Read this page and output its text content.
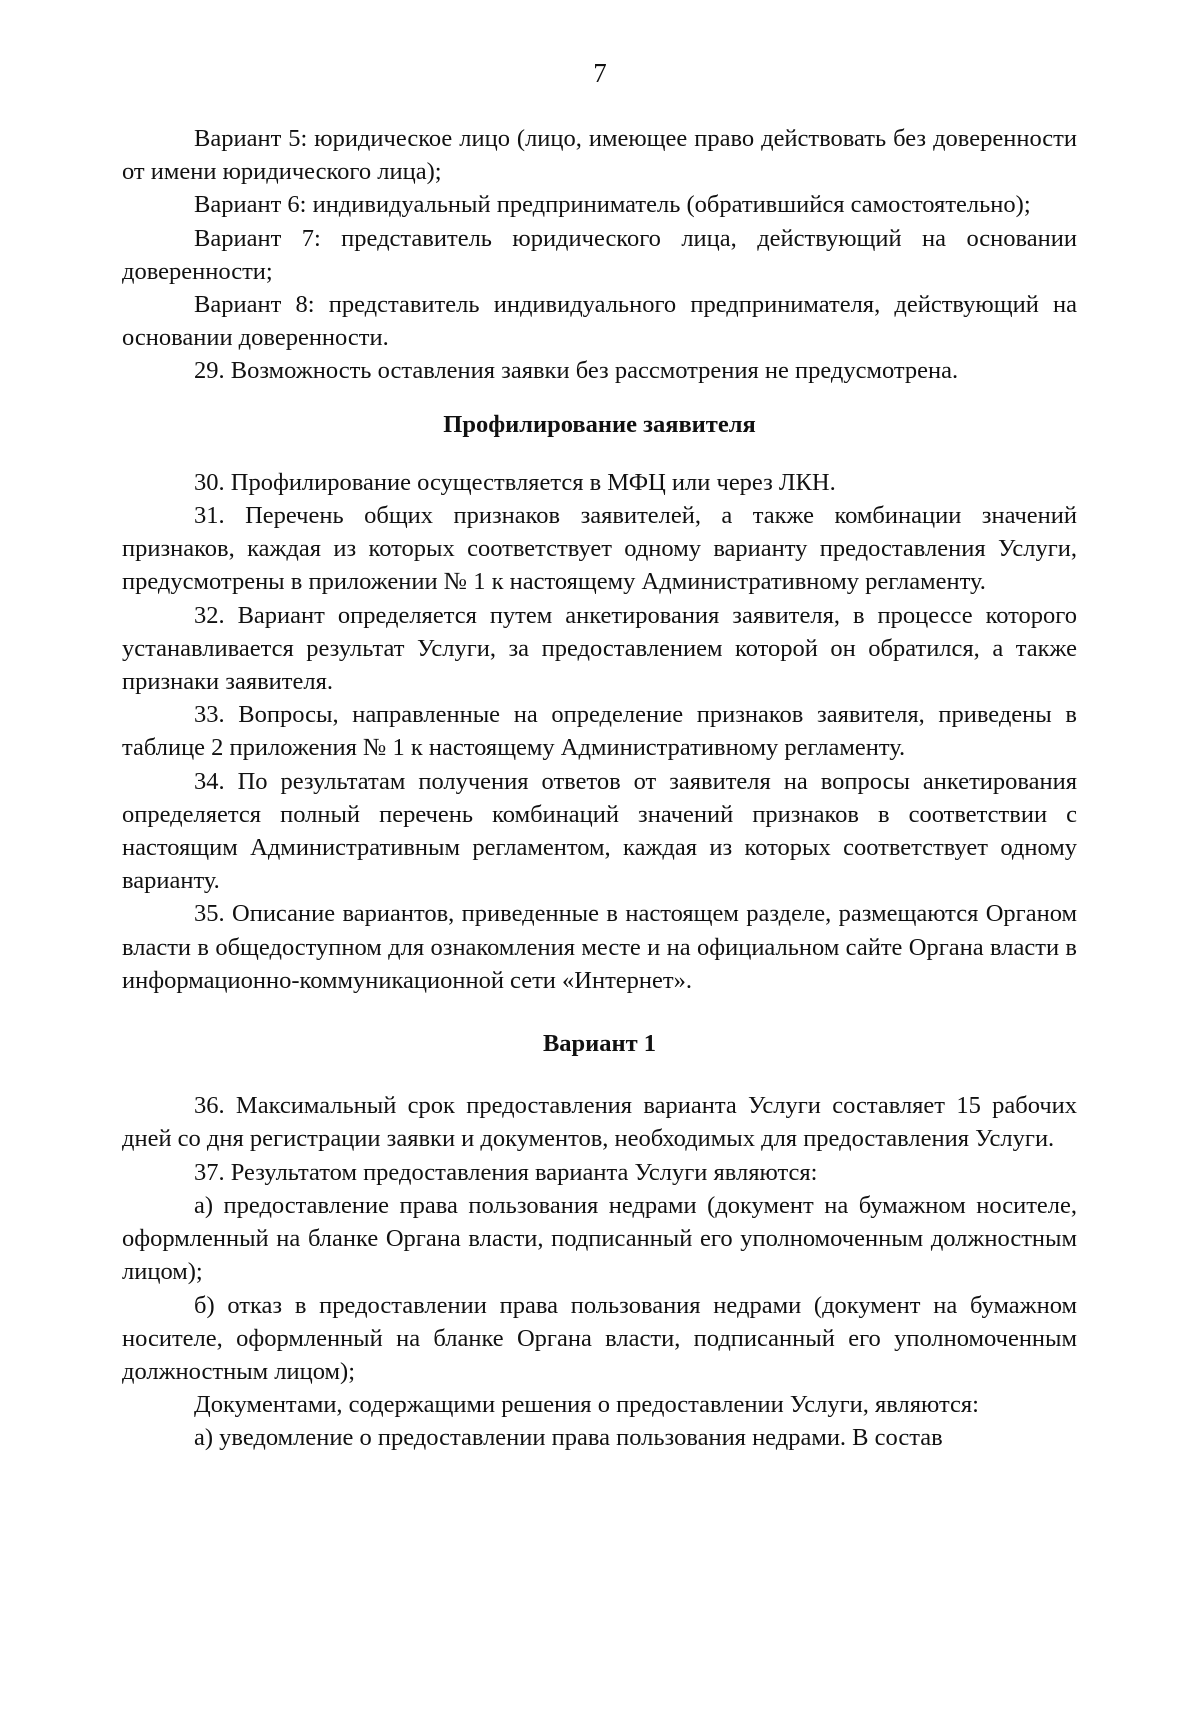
7

Вариант 5: юридическое лицо (лицо, имеющее право действовать без доверенности от имени юридического лица);

Вариант 6: индивидуальный предприниматель (обратившийся самостоятельно);

Вариант 7: представитель юридического лица, действующий на основании доверенности;

Вариант 8: представитель индивидуального предпринимателя, действующий на основании доверенности.

29. Возможность оставления заявки без рассмотрения не предусмотрена.

Профилирование заявителя

30. Профилирование осуществляется в МФЦ или через ЛКН.

31. Перечень общих признаков заявителей, а также комбинации значений признаков, каждая из которых соответствует одному варианту предоставления Услуги, предусмотрены в приложении № 1 к настоящему Административному регламенту.

32. Вариант определяется путем анкетирования заявителя, в процессе которого устанавливается результат Услуги, за предоставлением которой он обратился, а также признаки заявителя.

33. Вопросы, направленные на определение признаков заявителя, приведены в таблице 2 приложения № 1 к настоящему Административному регламенту.

34. По результатам получения ответов от заявителя на вопросы анкетирования определяется полный перечень комбинаций значений признаков в соответствии с настоящим Административным регламентом, каждая из которых соответствует одному варианту.

35. Описание вариантов, приведенные в настоящем разделе, размещаются Органом власти в общедоступном для ознакомления месте и на официальном сайте Органа власти в информационно-коммуникационной сети «Интернет».

Вариант 1

36. Максимальный срок предоставления варианта Услуги составляет 15 рабочих дней со дня регистрации заявки и документов, необходимых для предоставления Услуги.

37. Результатом предоставления варианта Услуги являются:

а) предоставление права пользования недрами (документ на бумажном носителе, оформленный на бланке Органа власти, подписанный его уполномоченным должностным лицом);

б) отказ в предоставлении права пользования недрами (документ на бумажном носителе, оформленный на бланке Органа власти, подписанный его уполномоченным должностным лицом);

Документами, содержащими решения о предоставлении Услуги, являются:

а) уведомление о предоставлении права пользования недрами. В состав
